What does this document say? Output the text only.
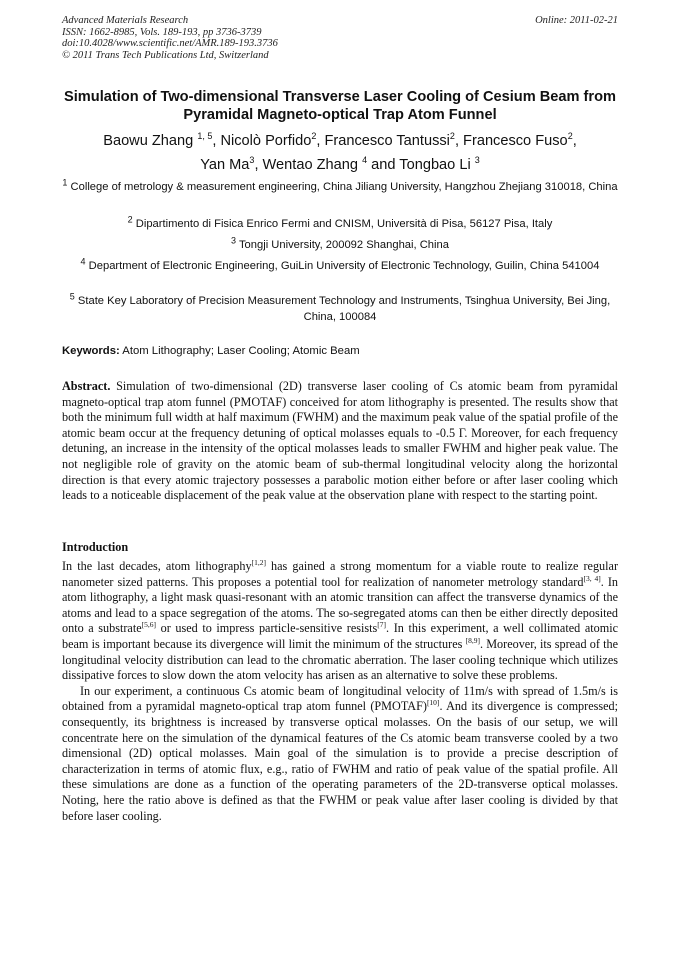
Advanced Materials Research
ISSN: 1662-8985, Vols. 189-193, pp 3736-3739
doi:10.4028/www.scientific.net/AMR.189-193.3736
© 2011 Trans Tech Publications Ltd, Switzerland
Online: 2011-02-21
Simulation of Two-dimensional Transverse Laser Cooling of Cesium Beam from Pyramidal Magneto-optical Trap Atom Funnel
Baowu Zhang $^{1, 5}$, Nicolò Porfido$^2$, Francesco Tantussi$^2$, Francesco Fuso$^2$,
Yan Ma$^3$, Wentao Zhang $^4$ and Tongbao Li $^3$
$^1$ College of metrology & measurement engineering, China Jiliang University, Hangzhou Zhejiang 310018, China
$^2$ Dipartimento di Fisica Enrico Fermi and CNISM, Università di Pisa, 56127 Pisa, Italy
$^3$ Tongji University, 200092 Shanghai, China
$^4$ Department of Electronic Engineering, GuiLin University of Electronic Technology, Guilin, China 541004
$^5$ State Key Laboratory of Precision Measurement Technology and Instruments, Tsinghua University, Bei Jing, China, 100084
Keywords: Atom Lithography; Laser Cooling; Atomic Beam
Abstract. Simulation of two-dimensional (2D) transverse laser cooling of Cs atomic beam from pyramidal magneto-optical trap atom funnel (PMOTAF) conceived for atom lithography is presented. The results show that both the minimum full width at half maximum (FWHM) and the maximum peak value of the spatial profile of the atomic beam occur at the frequency detuning of optical molasses equals to -0.5 Γ. Moreover, for each frequency detuning, an increase in the intensity of the optical molasses leads to smaller FWHM and higher peak value. The not negligible role of gravity on the atomic beam of sub-thermal longitudinal velocity along the horizontal direction is that every atomic trajectory possesses a parabolic motion either before or after laser cooling which leads to a noticeable displacement of the peak value at the observation plane with respect to the starting point.
Introduction

In the last decades, atom lithography[1,2] has gained a strong momentum for a viable route to realize regular nanometer sized patterns. This proposes a potential tool for realization of nanometer metrology standard[3, 4]. In atom lithography, a light mask quasi-resonant with an atomic transition can affect the transverse dynamics of the atoms and lead to a space segregation of the atoms. The so-segregated atoms can then be either directly deposited onto a substrate[5,6] or used to impress particle-sensitive resists[7]. In this experiment, a well collimated atomic beam is important because its divergence will limit the minimum of the structures [8,9]. Moreover, its spread of the longitudinal velocity distribution can lead to the chromatic aberration. The laser cooling technique which utilizes dissipative forces to slow down the atom velocity has arisen as an alternative to solve these problems.

In our experiment, a continuous Cs atomic beam of longitudinal velocity of 11m/s with spread of 1.5m/s is obtained from a pyramidal magneto-optical trap atom funnel (PMOTAF)[10]. And its divergence is compressed; consequently, its brightness is increased by transverse optical molasses. On the basis of our setup, we will concentrate here on the simulation of the dynamical features of the Cs atomic beam transverse cooled by a two dimensional (2D) optical molasses. Main goal of the simulation is to provide a precise description of characterization in terms of atomic flux, e.g., ratio of FWHM and ratio of peak value of the spatial profile. All these simulations are done as a function of the operating parameters of the 2D-transverse optical molasses. Noting, here the ratio above is defined as that the FWHM or peak value after laser cooling is divided by that before laser cooling.
